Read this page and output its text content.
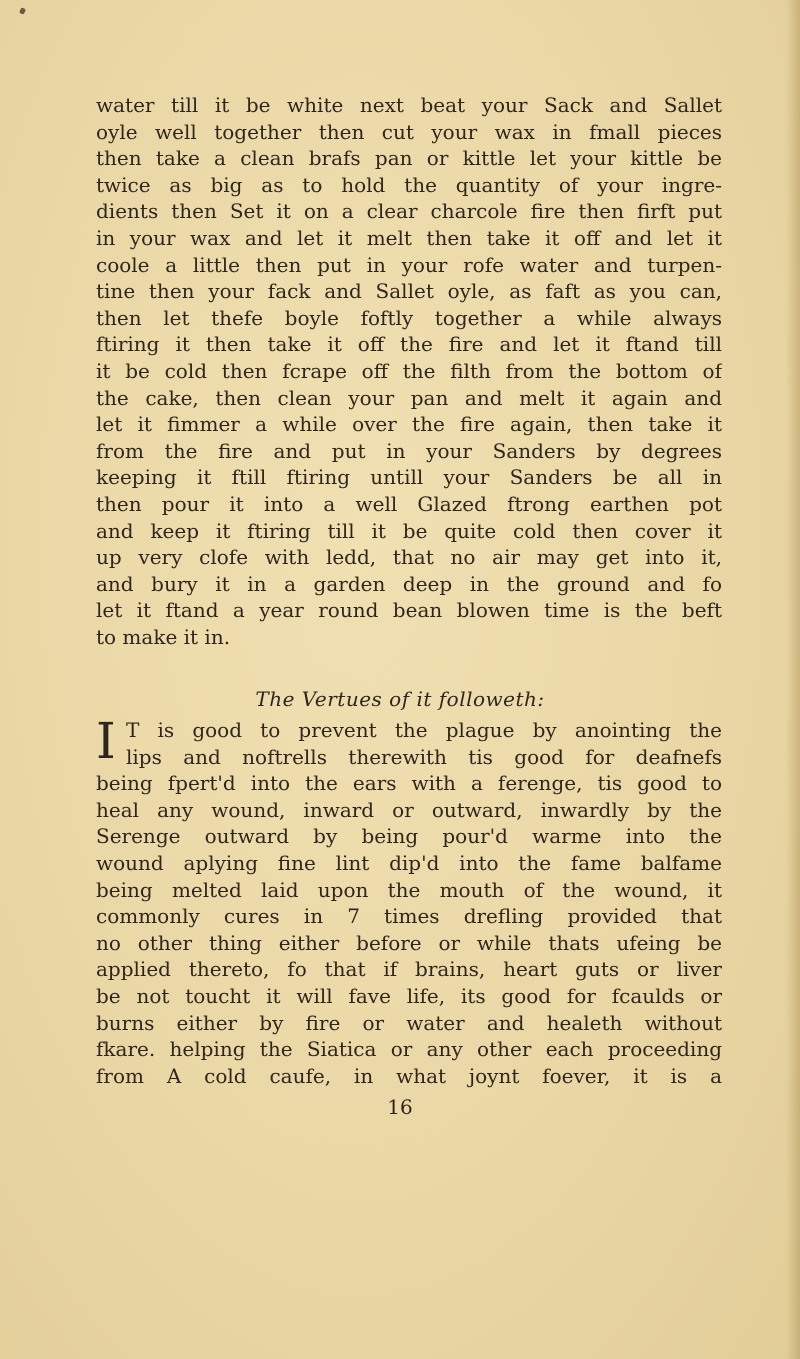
water till it be white next beat your Sack and Sallet
oyle well together then cut your wax in fmall pieces
then take a clean brafs pan or kittle let your kittle be
twice as big as to hold the quantity of your ingre-
dients then Set it on a clear charcole fire then firft put
in your wax and let it melt then take it off and let it
coole a little then put in your rofe water and turpen-
tine then your fack and Sallet oyle, as faft as you can,
then let thefe boyle foftly together a while always
ftiring it then take it off the fire and let it ftand till
it be cold then fcrape off the filth from the bottom of
the cake, then clean your pan and melt it again and
let it fimmer a while over the fire again, then take it
from the fire and put in your Sanders by degrees
keeping it ftill ftiring untill your Sanders be all in
then pour it into a well Glazed ftrong earthen pot
and keep it ftiring till it be quite cold then cover it
up very clofe with ledd, that no air may get into it,
and bury it in a garden deep in the ground and fo
let it ftand a year round bean blowen time is the beft
to make it in.
The Vertues of it followeth:
I T is good to prevent the plague by anointing the
lips and noftrells therewith tis good for deafnefs
being fpert'd into the ears with a ferenge, tis good to
heal any wound, inward or outward, inwardly by the
Serenge outward by being pour'd warme into the
wound aplying fine lint dip'd into the fame balfame
being melted laid upon the mouth of the wound, it
commonly cures in 7 times drefling provided that
no other thing either before or while thats ufeing be
applied thereto, fo that if brains, heart guts or liver
be not toucht it will fave life, its good for fcaulds or
burns either by fire or water and healeth without
fkare. helping the Siatica or any other each proceeding
from A cold caufe, in what joynt foever, it is a
16
